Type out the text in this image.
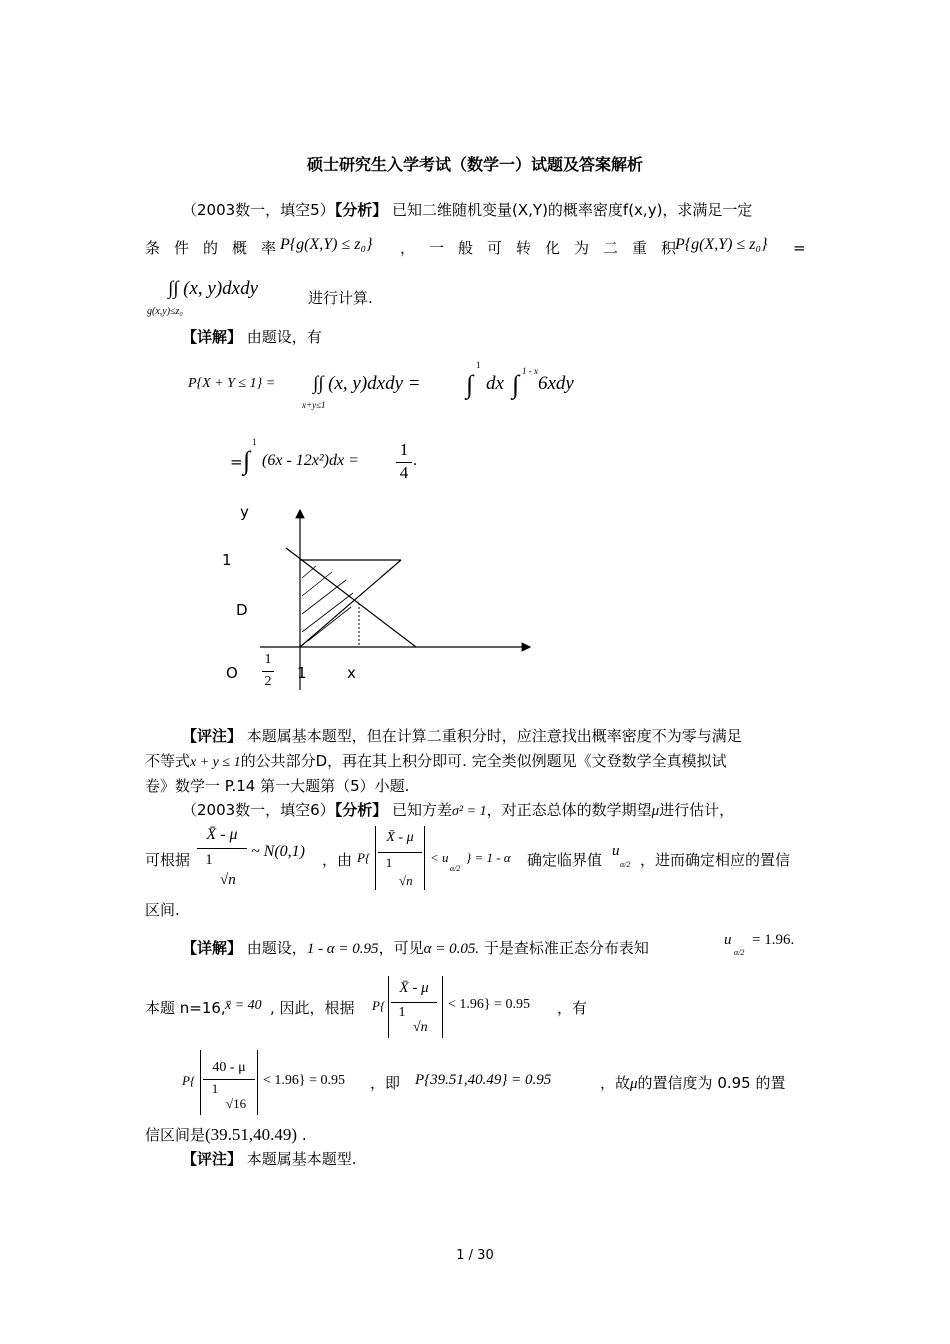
硕士研究生入学考试（数学一）试题及答案解析
（2003数一，填空5）【分析】 已知二维随机变量(X,Y)的概率密度f(x,y)，求满足一定
条件的概率
P{g(X,Y) ≤ z₀} ，一般可转化为二重积
P{g(X,Y) ≤ z₀} =
∫∫ (x, y)dxdy
g(x,y)≤z₀
进行计算.
【详解】 由题设，有
P{X + Y ≤ 1} = ∫∫ (x, y)dxdy =
x+y≤1
∫
1
dx ∫ 1 - x
6xdy
= ∫
1
(6x - 12x²)dx =
1
4
.
y
1
D
O
1
2 1	x
【评注】 本题属基本题型，但在计算二重积分时，应注意找出概率密度不为零与满足
不等式x + y ≤ 1的公共部分D，再在其上积分即可. 完全类似例题见《文登数学全真模拟试
卷》数学一 P.14 第一大题第（5）小题.
（2003数一，填空6）【分析】 已知方差σ² = 1，对正态总体的数学期望μ进行估计，
可根据
X̄ - μ
1
√n
~ N(0,1) ，由 P{
X̄ - μ
1
√n
< u
α/2
} = 1 - α 确定临界值 u
α/2 ，进而确定相应的置信
区间.
【详解】 由题设，1 - α = 0.95，可见α = 0.05. 于是查标准正态分布表知	u
α/2
= 1.96.
本题 n=16, x̄ = 40 , 因此，根据 P{
X̄ - μ
1
√n
< 1.96} = 0.95 ，有
P{
40 - μ
1
√16
< 1.96} = 0.95 ，即 P{39.51,40.49} = 0.95	，故μ的置信度为 0.95 的置
信区间是(39.51,40.49) .
【评注】 本题属基本题型.
1 / 30
